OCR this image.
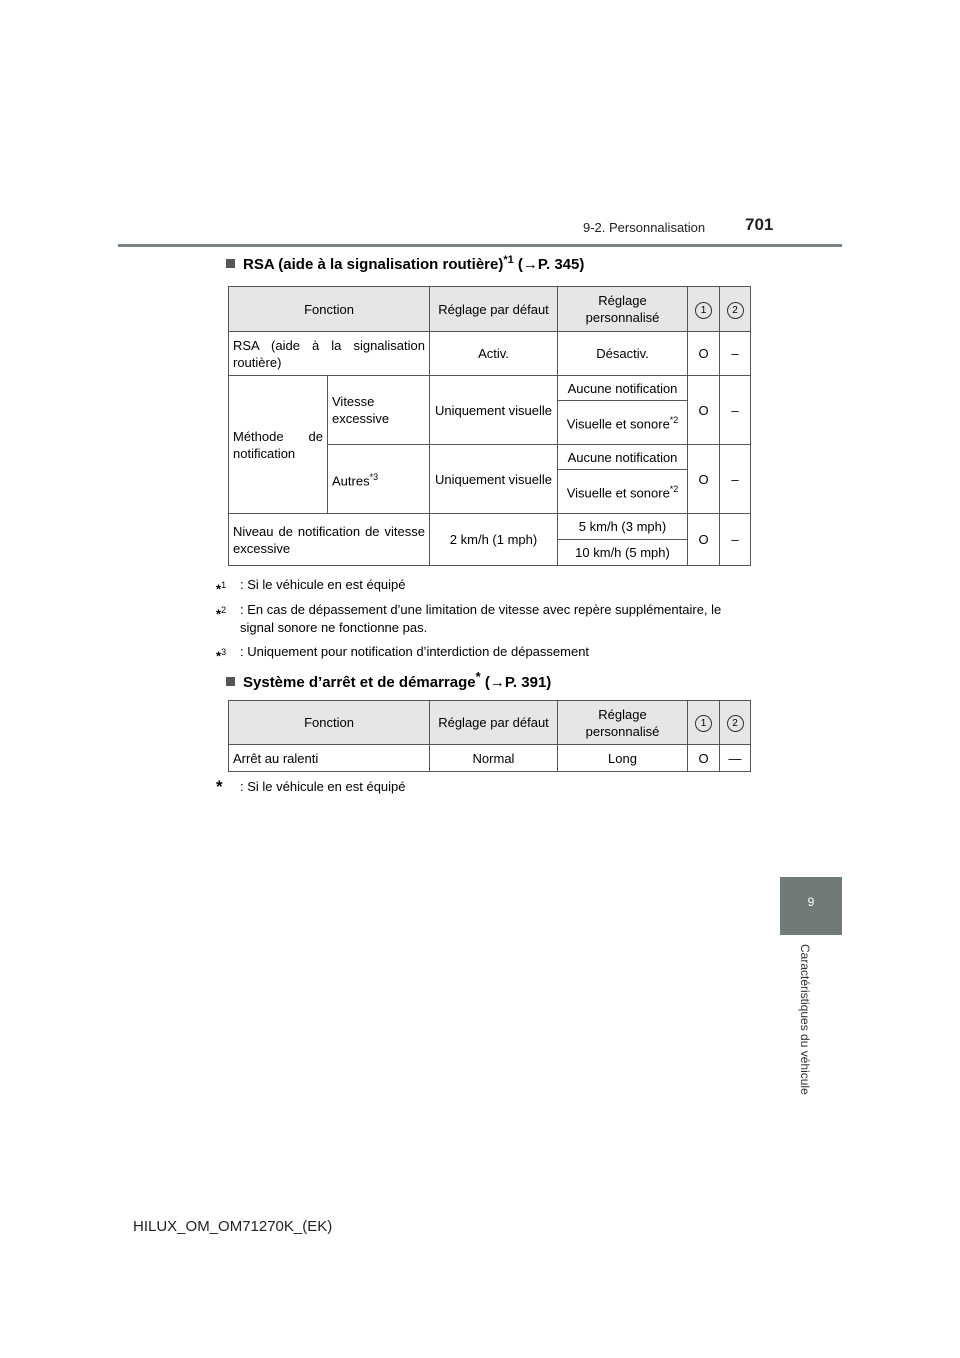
9-2. Personnalisation 701
9
Caractéristiques du véhicule
RSA (aide à la signalisation routière)$^{*1}$ (→P. 345)
Fonction		Réglage par défaut	Réglage personnalisé	1	2
RSA (aide à la signalisation routière)		Activ.	Désactiv.	O	–
Méthode de notification	Vitesse excessive	Uniquement visuelle	Aucune notification	O	–
			Visuelle et sonore$^{*2}$
	Autres$^{*3}$	Uniquement visuelle	Aucune notification	O	–
			Visuelle et sonore$^{*2}$
Niveau de notification de vitesse excessive		2 km/h (1 mph)	5 km/h (3 mph)	O	–
			10 km/h (5 mph)		
*$^1$ : Si le véhicule en est équipé
*$^2$ : En cas de dépassement d’une limitation de vitesse avec repère supplémentaire, le signal sonore ne fonctionne pas.
*$^3$ : Uniquement pour notification d’interdiction de dépassement
Système d’arrêt et de démarrage* (→P. 391)
Fonction	Réglage par défaut	Réglage personnalisé	1	2
Arrêt au ralenti	Normal	Long	O	—
* : Si le véhicule en est équipé
HILUX_OM_OM71270K_(EK)
